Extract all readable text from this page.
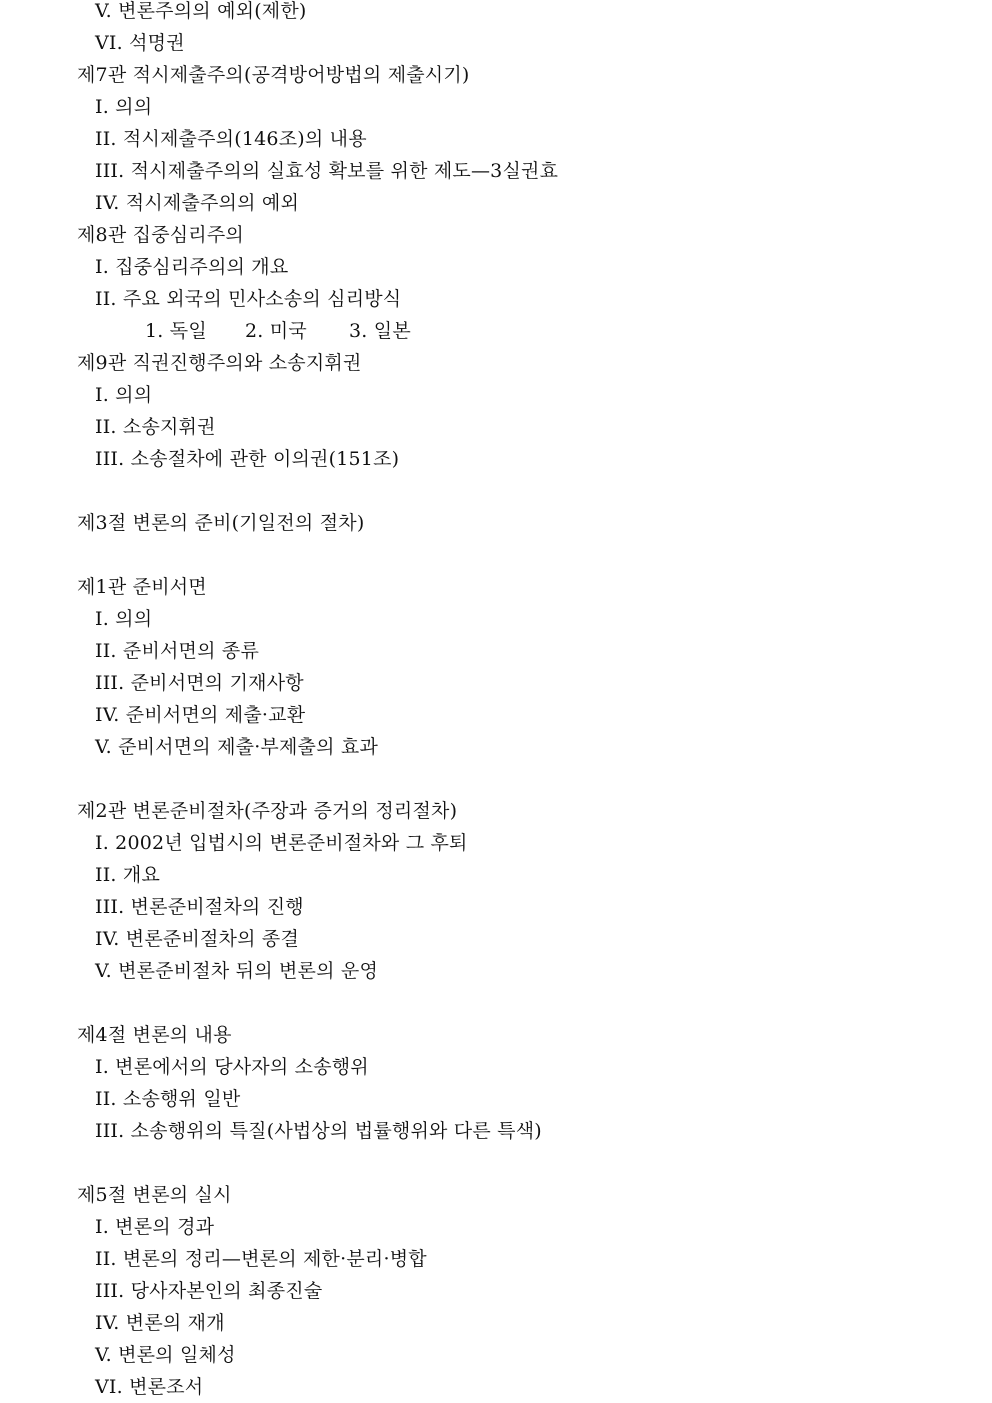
V. 변론주의의 예외(제한)
VI. 석명권
제7관 적시제출주의(공격방어방법의 제출시기)
I. 의의
II. 적시제출주의(146조)의 내용
III. 적시제출주의의 실효성 확보를 위한 제도—3실권효
IV. 적시제출주의의 예외
제8관 집중심리주의
I. 집중심리주의의 개요
II. 주요 외국의 민사소송의 심리방식
1. 독일 2. 미국 3. 일본
제9관 직권진행주의와 소송지휘권
I. 의의
II. 소송지휘권
III. 소송절차에 관한 이의권(151조)
제3절 변론의 준비(기일전의 절차)
제1관 준비서면
I. 의의
II. 준비서면의 종류
III. 준비서면의 기재사항
IV. 준비서면의 제출·교환
V. 준비서면의 제출·부제출의 효과
제2관 변론준비절차(주장과 증거의 정리절차)
I. 2002년 입법시의 변론준비절차와 그 후퇴
II. 개요
III. 변론준비절차의 진행
IV. 변론준비절차의 종결
V. 변론준비절차 뒤의 변론의 운영
제4절 변론의 내용
I. 변론에서의 당사자의 소송행위
II. 소송행위 일반
III. 소송행위의 특질(사법상의 법률행위와 다른 특색)
제5절 변론의 실시
I. 변론의 경과
II. 변론의 정리—변론의 제한·분리·병합
III. 당사자본인의 최종진술
IV. 변론의 재개
V. 변론의 일체성
VI. 변론조서
